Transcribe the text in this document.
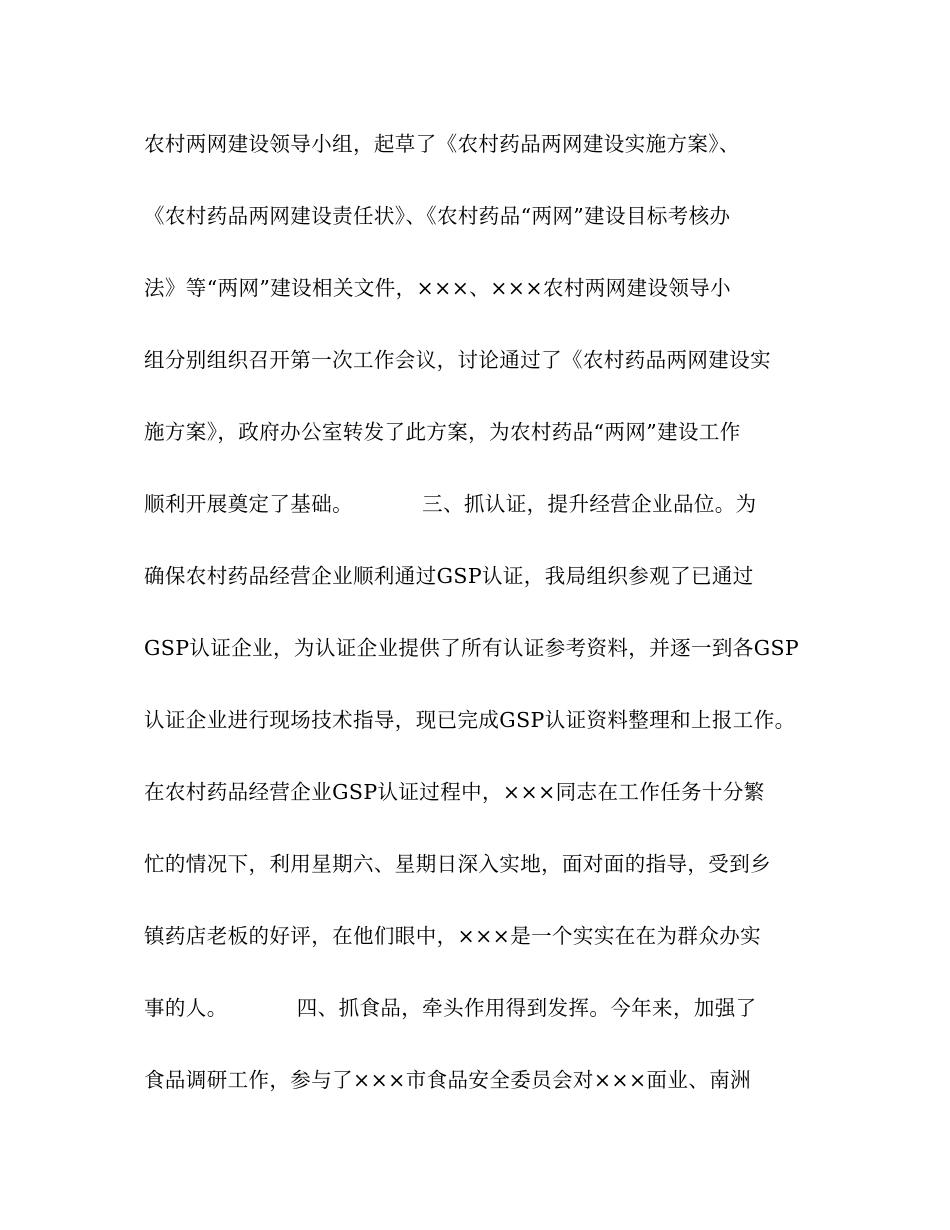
农村两网建设领导小组，起草了《农村药品两网建设实施方案》、
《农村药品两网建设责任状》、《农村药品“两网”建设目标考核办
法》等“两网”建设相关文件，×××、×××农村两网建设领导小
组分别组织召开第一次工作会议，讨论通过了《农村药品两网建设实
施方案》，政府办公室转发了此方案，为农村药品“两网”建设工作
顺利开展奠定了基础。          三、抓认证，提升经营企业品位。为
确保农村药品经营企业顺利通过GSP认证，我局组织参观了已通过
GSP认证企业，为认证企业提供了所有认证参考资料，并逐一到各GSP
认证企业进行现场技术指导，现已完成GSP认证资料整理和上报工作。
在农村药品经营企业GSP认证过程中，×××同志在工作任务十分繁
忙的情况下，利用星期六、星期日深入实地，面对面的指导，受到乡
镇药店老板的好评，在他们眼中，×××是一个实实在在为群众办实
事的人。          四、抓食品，牵头作用得到发挥。今年来，加强了
食品调研工作，参与了×××市食品安全委员会对×××面业、南洲
